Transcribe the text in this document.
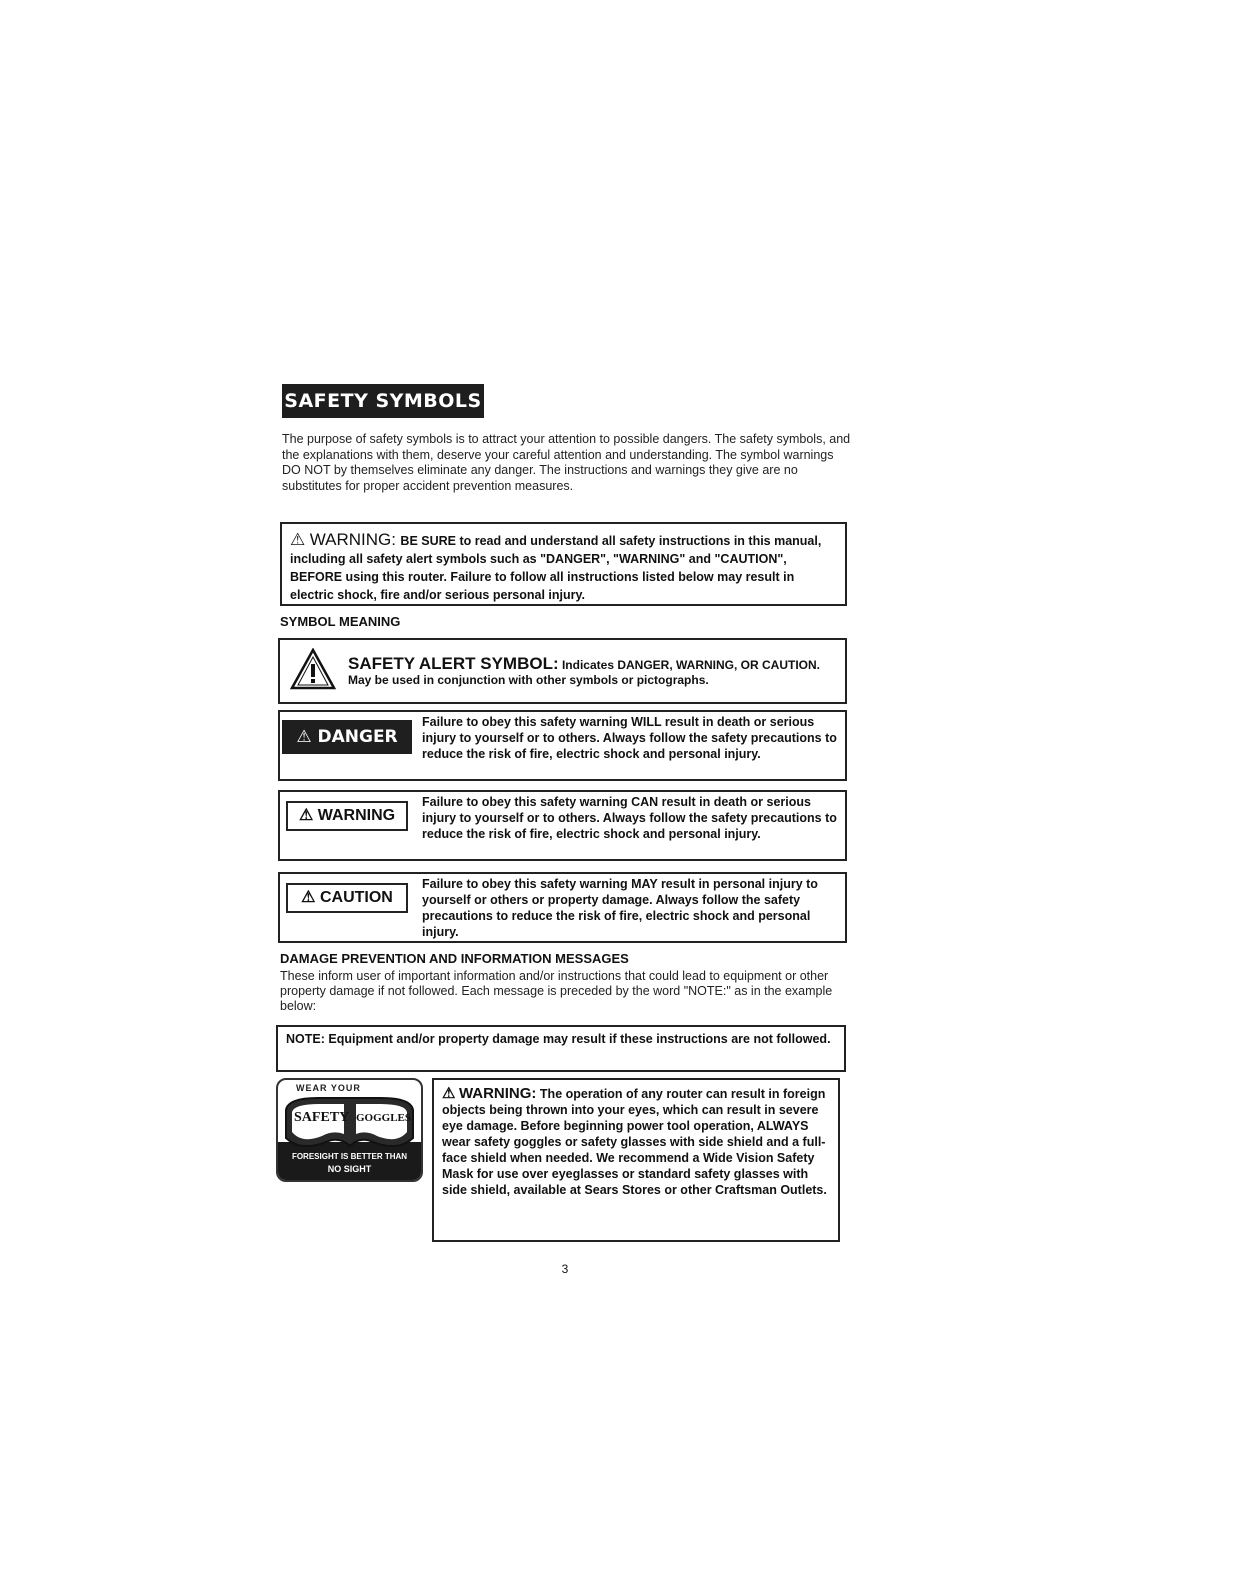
SAFETY SYMBOLS
The purpose of safety symbols is to attract your attention to possible dangers. The safety symbols, and the explanations with them, deserve your careful attention and understanding. The symbol warnings DO NOT by themselves eliminate any danger. The instructions and warnings they give are no substitutes for proper accident prevention measures.
⚠ WARNING: BE SURE to read and understand all safety instructions in this manual, including all safety alert symbols such as "DANGER", "WARNING" and "CAUTION", BEFORE using this router. Failure to follow all instructions listed below may result in electric shock, fire and/or serious personal injury.
SYMBOL MEANING
SAFETY ALERT SYMBOL: Indicates DANGER, WARNING, OR CAUTION. May be used in conjunction with other symbols or pictographs.
⚠ DANGER
Failure to obey this safety warning WILL result in death or serious injury to yourself or to others. Always follow the safety precautions to reduce the risk of fire, electric shock and personal injury.
⚠ WARNING
Failure to obey this safety warning CAN result in death or serious injury to yourself or to others. Always follow the safety precautions to reduce the risk of fire, electric shock and personal injury.
⚠ CAUTION
Failure to obey this safety warning MAY result in personal injury to yourself or others or property damage. Always follow the safety precautions to reduce the risk of fire, electric shock and personal injury.
DAMAGE PREVENTION AND INFORMATION MESSAGES
These inform user of important information and/or instructions that could lead to equipment or other property damage if not followed. Each message is preceded by the word "NOTE:" as in the example below:
NOTE: Equipment and/or property damage may result if these instructions are not followed.
WEAR YOUR
SAFETY GOGGLES
FORESIGHT IS BETTER THAN
NO SIGHT
⚠ WARNING: The operation of any router can result in foreign objects being thrown into your eyes, which can result in severe eye damage. Before beginning power tool operation, ALWAYS wear safety goggles or safety glasses with side shield and a full-face shield when needed. We recommend a Wide Vision Safety Mask for use over eyeglasses or standard safety glasses with side shield, available at Sears Stores or other Craftsman Outlets.
3
